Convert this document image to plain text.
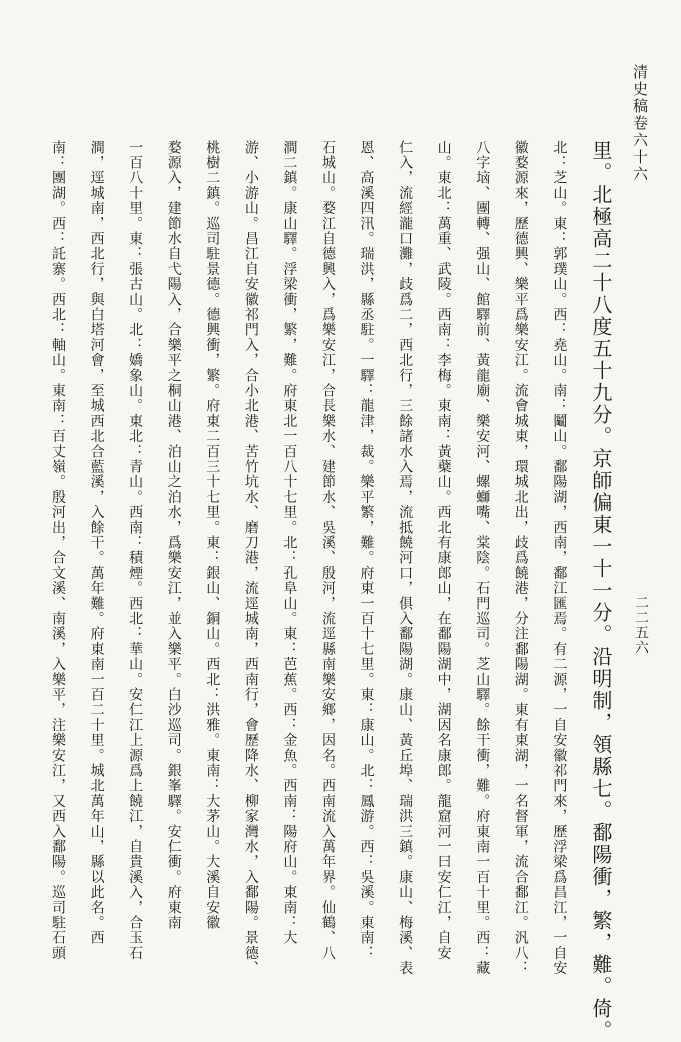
清史稿卷六十六
二二五六
里。北極高二十八度五十九分。京師偏東一十一分。沿明制，領縣七。鄱陽衝，繁，難。倚。
北：芝山。東：郭璞山。西：堯山。南：鬮山。鄱陽湖，西南，鄱江匯焉。有二源，一自安徽祁門來，歷浮梁爲昌江，一自安
徽婺源來，歷德興、樂平爲樂安江。流會城東，環城北出，歧爲饒港，分注鄱陽湖。東有東湖，一名督軍，流合鄱江。汎八：
八字垴、團轉、强山、館驛前、黃龍廟、樂安河、螺螄嘴、棠陰。石門巡司。芝山驛。餘干衝，難。府東南一百十里。西：藏
山。東北：萬重、武陵。西南：李梅。東南：黃蘗山。西北有康郎山，在鄱陽湖中，湖因名康郎。龍窟河一曰安仁江，自安
仁入，流經瀧口灘，歧爲二，西北行，三餘諸水入焉，流抵饒河口，俱入鄱陽湖。康山、黃丘埠、瑞洪三鎮。康山、梅溪、表
恩、高溪四汛。瑞洪，縣丞駐。一驛：龍津，裁。樂平繁，難。府東一百十七里。東：康山。北：鳳游。西：吳溪。東南：
石城山。婺江自德興入，爲樂安江，合長樂水、建節水、吳溪、殷河，流逕縣南樂安鄉，因名。西南流入萬年界。仙鶴、八
澗二鎮。康山驛。浮梁衝，繁，難。府東北一百八十七里。北：孔阜山。東：芭蕉。西：金魚。西南：陽府山。東南：大
游、小游山。昌江自安徽祁門入，合小北港、苦竹坑水、磨刀港，流逕城南，西南行，會歷降水、柳家灣水，入鄱陽。景德、
桃樹二鎮。巡司駐景德。德興衝，繁。府東二百三十七里。東：銀山、銅山。西北：洪雅。東南：大茅山。大溪自安徽
婺源入，建節水自弋陽入，合樂平之桐山港、泊山之泊水，爲樂安江，並入樂平。白沙巡司。銀峯驛。安仁衝。府東南
一百八十里。東：張古山。北：嬌象山。東北：青山。西南：積煙。西北：華山。安仁江上源爲上饒江，自貴溪入，合玉石
澗，逕城南，西北行，與白塔河會，至城西北合藍溪，入餘干。萬年難。府東南一百二十里。城北萬年山，縣以此名。西
南：團湖。西：託寨。西北：軸山。東南：百丈嶺。殷河出，合文溪、南溪，入樂平，注樂安江，又西入鄱陽。巡司駐石頭
